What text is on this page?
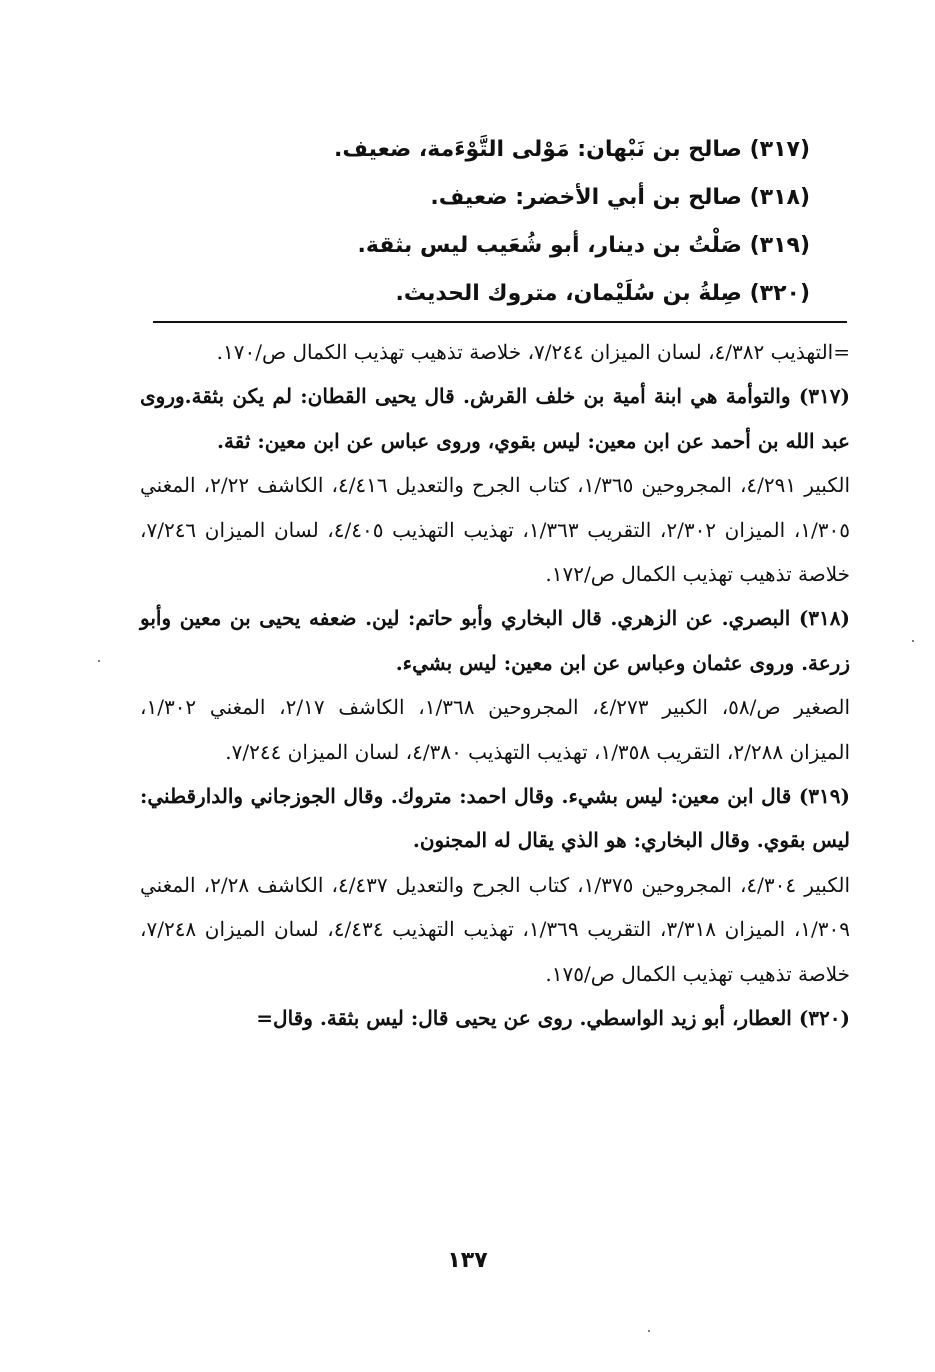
(٣١٧) صالح بن نَبْهان: مَوْلى التَّوْءَمة، ضعيف.
(٣١٨) صالح بن أبي الأخضر: ضعيف.
(٣١٩) صَلْتُ بن دينار، أبو شُعَيب ليس بثقة.
(٣٢٠) صِلةُ بن سُلَيْمان، متروك الحديث.

=التهذيب ٤/٣٨٢، لسان الميزان ٧/٢٤٤، خلاصة تذهيب تهذيب الكمال ص/١٧٠.

(٣١٧) والتوأمة هي ابنة أمية بن خلف القرش. قال يحيى القطان: لم يكن بثقة.وروى عبد الله بن أحمد عن ابن معين: ليس بقوي، وروى عباس عن ابن معين: ثقة.

الكبير ٤/٢٩١، المجروحين ١/٣٦٥، كتاب الجرح والتعديل ٤/٤١٦، الكاشف ٢/٢٢، المغني ١/٣٠٥، الميزان ٢/٣٠٢، التقريب ١/٣٦٣، تهذيب التهذيب ٤/٤٠٥، لسان الميزان ٧/٢٤٦، خلاصة تذهيب تهذيب الكمال ص/١٧٢.

(٣١٨) البصري. عن الزهري. قال البخاري وأبو حاتم: لين. ضعفه يحيى بن معين وأبو زرعة. وروى عثمان وعباس عن ابن معين: ليس بشيء.

الصغير ص/٥٨، الكبير ٤/٢٧٣، المجروحين ١/٣٦٨، الكاشف ٢/١٧، المغني ١/٣٠٢، الميزان ٢/٢٨٨، التقريب ١/٣٥٨، تهذيب التهذيب ٤/٣٨٠، لسان الميزان ٧/٢٤٤.

(٣١٩) قال ابن معين: ليس بشيء. وقال احمد: متروك. وقال الجوزجاني والدارقطني: ليس بقوي. وقال البخاري: هو الذي يقال له المجنون.

الكبير ٤/٣٠٤، المجروحين ١/٣٧٥، كتاب الجرح والتعديل ٤/٤٣٧، الكاشف ٢/٢٨، المغني ١/٣٠٩، الميزان ٣/٣١٨، التقريب ١/٣٦٩، تهذيب التهذيب ٤/٤٣٤، لسان الميزان ٧/٢٤٨، خلاصة تذهيب تهذيب الكمال ص/١٧٥.

(٣٢٠) العطار، أبو زيد الواسطي. روى عن يحيى قال: ليس بثقة. وقال=

١٣٧
